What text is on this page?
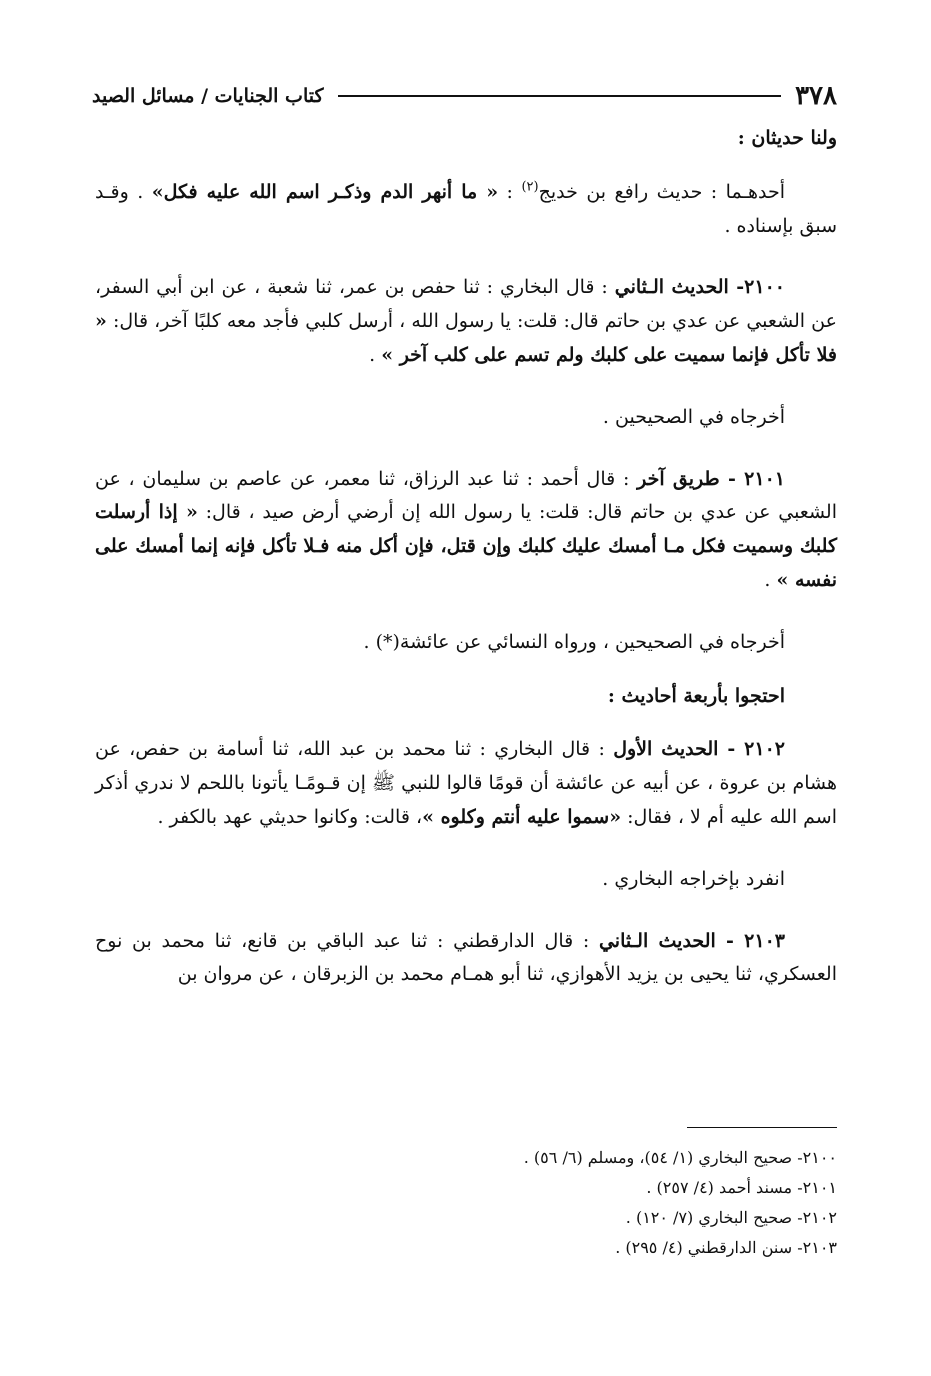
٣٧٨
كتاب الجنايات / مسائل الصيد

ولنا حديثان :

أحدهـما : حديث رافع بن خديج$^{(٢)}$ : « ما أنهر الدم وذكـر اسم الله عليه فكل» . وقـد سبق بإسناده .

٢١٠٠- الحديث الـثاني : قال البخاري : ثنا حفص بن عمر، ثنا شعبة ، عن ابن أبي السفر، عن الشعبي عن عدي بن حاتم قال: قلت: يا رسول الله ، أرسل كلبي فأجد معه كلبًا آخر، قال: « فلا تأكل فإنما سميت على كلبك ولم تسم على كلب آخر » .

أخرجاه في الصحيحين .

٢١٠١ - طريق آخر : قال أحمد : ثنا عبد الرزاق، ثنا معمر، عن عاصم بن سليمان ، عن الشعبي عن عدي بن حاتم قال: قلت: يا رسول الله إن أرضي أرض صيد ، قال: « إذا أرسلت كلبك وسميت فكل مـا أمسك عليك كلبك وإن قتل، فإن أكل منه فـلا تأكل فإنه إنما أمسك على نفسه » .

أخرجاه في الصحيحين ، ورواه النسائي عن عائشة(*) .

احتجوا بأربعة أحاديث :

٢١٠٢ - الحديث الأول : قال البخاري : ثنا محمد بن عبد الله، ثنا أسامة بن حفص، عن هشام بن عروة ، عن أبيه عن عائشة أن قومًا قالوا للنبي ﷺ إن قـومًـا يأتونا باللحم لا ندري أذكر اسم الله عليه أم لا ، فقال: «سموا عليه أنتم وكلوه »، قالت: وكانوا حديثي عهد بالكفر .

انفرد بإخراجه البخاري .

٢١٠٣ - الحديث الـثاني : قال الدارقطني : ثنا عبد الباقي بن قانع، ثنا محمد بن نوح العسكري، ثنا يحيى بن يزيد الأهوازي، ثنا أبو همـام محمد بن الزبرقان ، عن مروان بن

٢١٠٠- صحيح البخاري (١/ ٥٤)، ومسلم (٦/ ٥٦) .
٢١٠١- مسند أحمد (٤/ ٢٥٧) .
٢١٠٢- صحيح البخاري (٧/ ١٢٠) .
٢١٠٣- سنن الدارقطني (٤/ ٢٩٥) .
